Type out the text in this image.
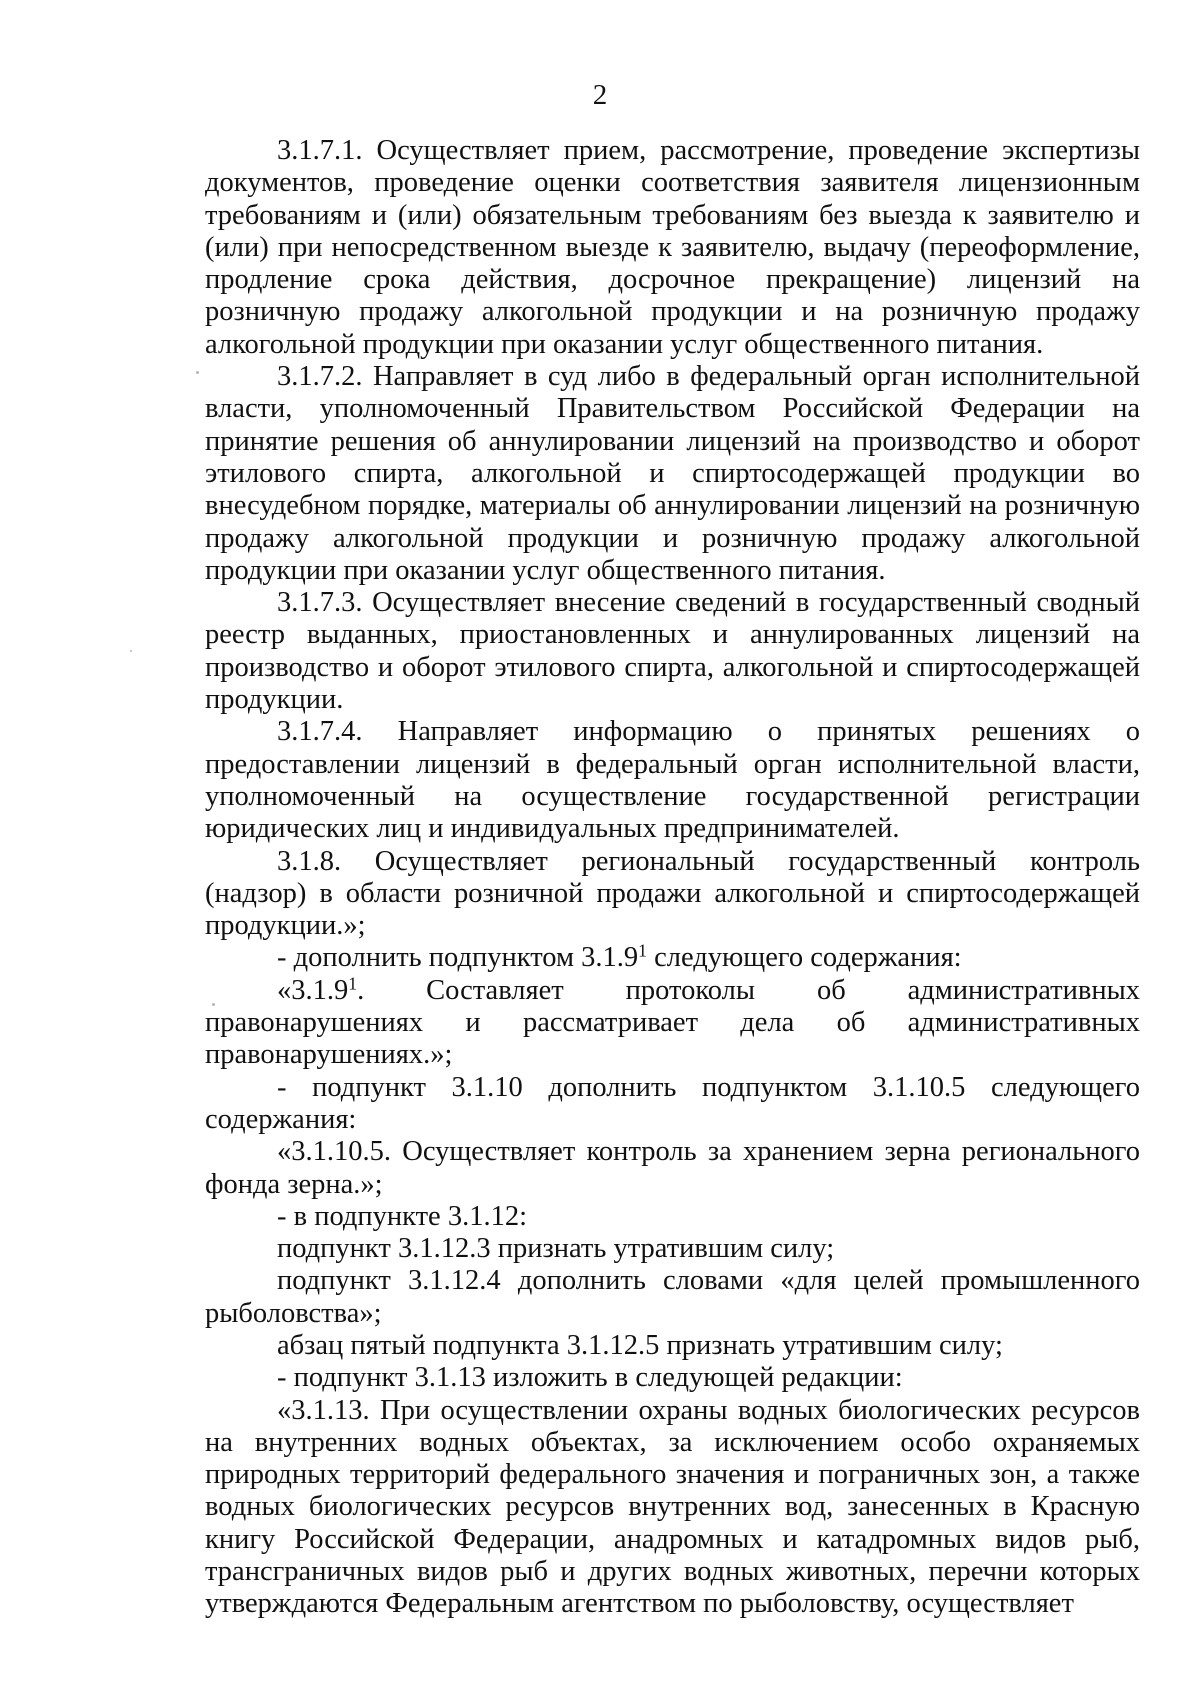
2

3.1.7.1. Осуществляет прием, рассмотрение, проведение экспертизы документов, проведение оценки соответствия заявителя лицензионным требованиям и (или) обязательным требованиям без выезда к заявителю и (или) при непосредственном выезде к заявителю, выдачу (переоформление, продление срока действия, досрочное прекращение) лицензий на розничную продажу алкогольной продукции и на розничную продажу алкогольной продукции при оказании услуг общественного питания.

3.1.7.2. Направляет в суд либо в федеральный орган исполнительной власти, уполномоченный Правительством Российской Федерации на принятие решения об аннулировании лицензий на производство и оборот этилового спирта, алкогольной и спиртосодержащей продукции во внесудебном порядке, материалы об аннулировании лицензий на розничную продажу алкогольной продукции и розничную продажу алкогольной продукции при оказании услуг общественного питания.

3.1.7.3. Осуществляет внесение сведений в государственный сводный реестр выданных, приостановленных и аннулированных лицензий на производство и оборот этилового спирта, алкогольной и спиртосодержащей продукции.

3.1.7.4. Направляет информацию о принятых решениях о предоставлении лицензий в федеральный орган исполнительной власти, уполномоченный на осуществление государственной регистрации юридических лиц и индивидуальных предпринимателей.

3.1.8. Осуществляет региональный государственный контроль (надзор) в области розничной продажи алкогольной и спиртосодержащей продукции.»;

- дополнить подпунктом 3.1.9$^1$ следующего содержания:

«3.1.9$^1$. Составляет протоколы об административных правонарушениях и рассматривает дела об административных правонарушениях.»;

- подпункт 3.1.10 дополнить подпунктом 3.1.10.5 следующего содержания:

«3.1.10.5. Осуществляет контроль за хранением зерна регионального фонда зерна.»;

- в подпункте 3.1.12:

подпункт 3.1.12.3 признать утратившим силу;

подпункт 3.1.12.4 дополнить словами «для целей промышленного рыболовства»;

абзац пятый подпункта 3.1.12.5 признать утратившим силу;

- подпункт 3.1.13 изложить в следующей редакции:

«3.1.13. При осуществлении охраны водных биологических ресурсов на внутренних водных объектах, за исключением особо охраняемых природных территорий федерального значения и пограничных зон, а также водных биологических ресурсов внутренних вод, занесенных в Красную книгу Российской Федерации, анадромных и катадромных видов рыб, трансграничных видов рыб и других водных животных, перечни которых утверждаются Федеральным агентством по рыболовству, осуществляет
